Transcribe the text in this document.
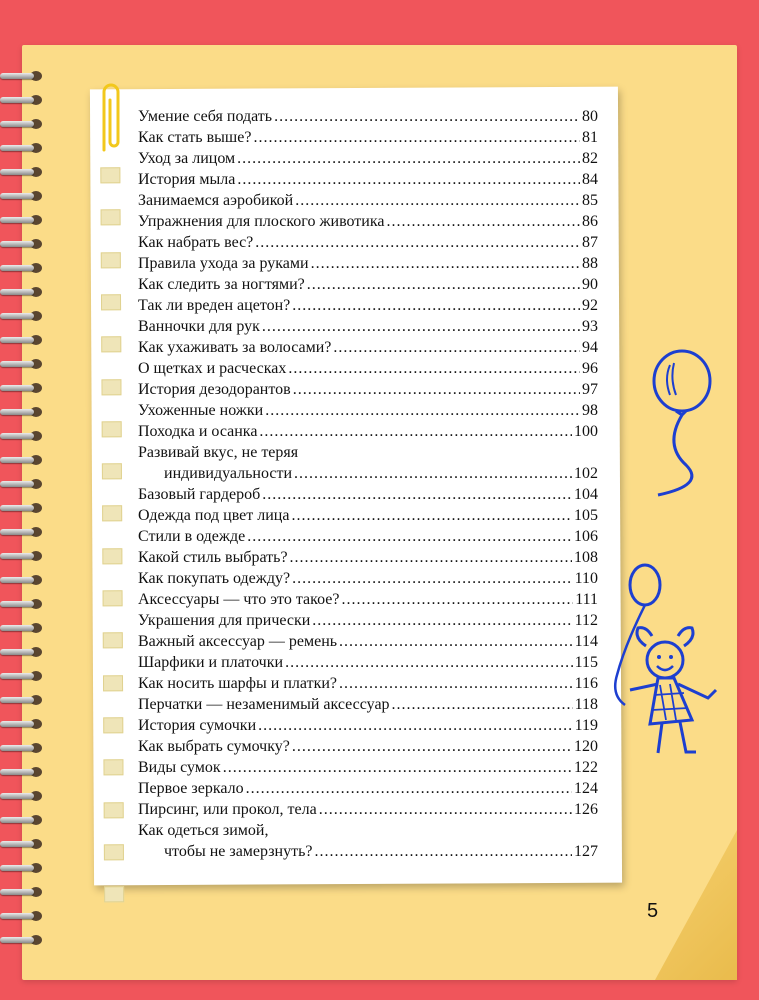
Умение себя подать .....	80
Как стать выше? .....	81
Уход за лицом .....	82
История мыла .....	84
Занимаемся аэробикой .....	85
Упражнения для плоского животика .....	86
Как набрать вес? .....	87
Правила ухода за руками .....	88
Как следить за ногтями? .....	90
Так ли вреден ацетон? .....	92
Ванночки для рук .....	93
Как ухаживать за волосами? .....	94
О щетках и расческах .....	96
История дезодорантов .....	97
Ухоженные ножки .....	98
Походка и осанка .....	100
Развивай вкус, не теряя
индивидуальности .....	102
Базовый гардероб .....	104
Одежда под цвет лица .....	105
Стили в одежде .....	106
Какой стиль выбрать? .....	108
Как покупать одежду? .....	110
Аксессуары — что это такое? .....	111
Украшения для прически .....	112
Важный аксессуар — ремень .....	114
Шарфики и платочки .....	115
Как носить шарфы и платки? .....	116
Перчатки — незаменимый аксессуар .....	118
История сумочки .....	119
Как выбрать сумочку? .....	120
Виды сумок .....	122
Первое зеркало .....	124
Пирсинг, или прокол, тела .....	126
Как одеться зимой,
чтобы не замерзнуть? .....	127
5
